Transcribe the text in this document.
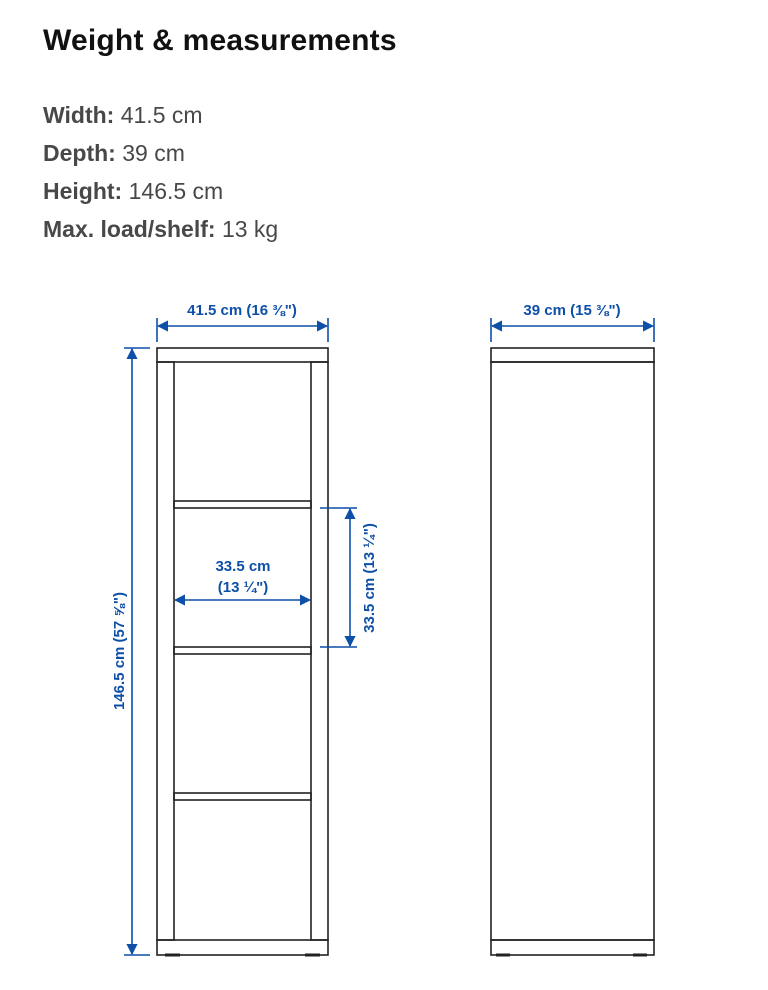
Weight & measurements
Width: 41.5 cm
Depth: 39 cm
Height: 146.5 cm
Max. load/shelf: 13 kg
41.5 cm (16 ⅜")	39 cm (15 ⅜")
146.5 cm (57 ⅝")
33.5 cm
(13 ¼")	33.5 cm (13 ¼")
